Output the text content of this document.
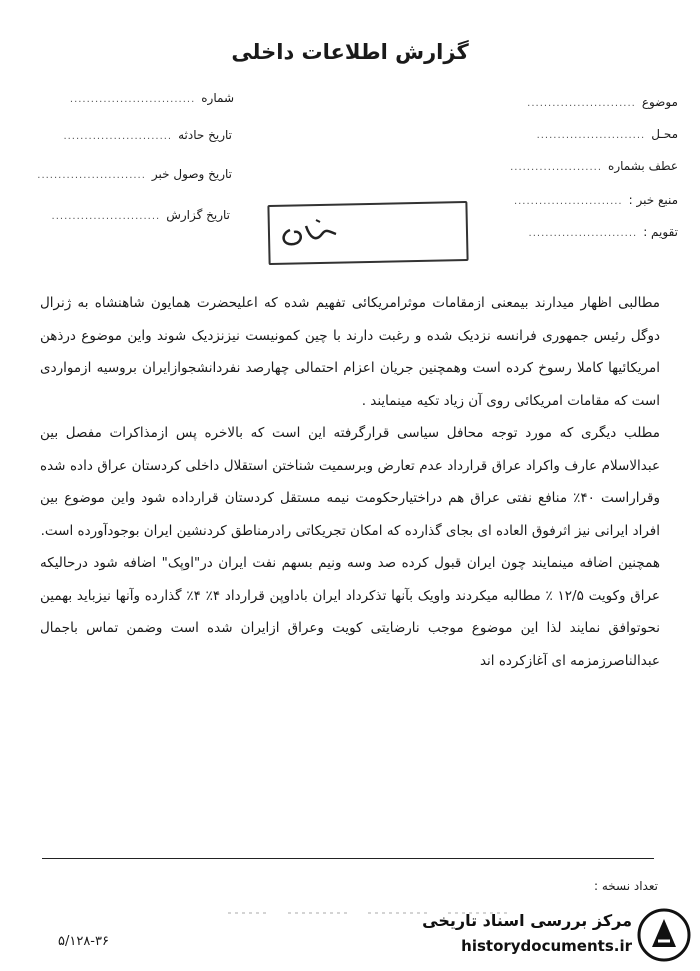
گزارش اطلاعات داخلی
موضوع
..........................
محـل
..........................
عطف بشماره
......................
منبع خبر :
..........................
تقویم :
..........................
شماره
..............................
تاریخ حادثه
..........................
تاریخ وصول خبر
..........................
تاریخ گزارش
..........................

مطالبی اظهار میدارند بیمعنی ازمقامات موثرامریکائی تفهیم شده که اعلیحضرت همایون شاهنشاه به ژنرال دوگل رئیس جمهوری فرانسه نزدیک شده و رغبت دارند با چین کمونیست نیزنزدیک شوند واین موضوع درذهن امریکائیها کاملا رسوخ کرده است وهمچنین جریان اعزام احتمالی چهارصد نفردانشجوازایران بروسیه ازمواردی است که مقامات امریکائی روی آن زیاد تکیه مینمایند .

مطلب دیگری که مورد توجه محافل سیاسی قرارگرفته این است که بالاخره پس ازمذاکرات مفصل بین عبدالاسلام عارف واکراد عراق قرارداد عدم تعارض وبرسمیت شناختن استقلال داخلی کردستان عراق داده شده وقراراست ۴۰٪ منافع نفتی عراق هم دراختیارحکومت نیمه مستقل کردستان قرارداده شود واین موضوع بین افراد ایرانی نیز اثرفوق العاده ای بجای گذارده که امکان تجریکاتی رادرمناطق کردنشین ایران بوجودآورده است.

همچنین اضافه مینمایند چون ایران قبول کرده صد وسه ونیم بسهم نفت ایران در"اوپک" اضافه شود درحالیکه عراق وکویت ۱۲/۵ ٪ مطالبه میکردند واویک بآنها تذکرداد ایران باداوپن قرارداد ۴٪ ۴٪ گذارده وآنها نیزباید بهمین نحوتوافق نمایند لذا این موضوع موجب نارضایتی کویت وعراق ازایران شده است وضمن تماس باجمال عبدالناصرزمزمه ای آغازکرده اند

تعداد نسخه :
۵/۱۲۸-۳۶
مرکز بررسی اسناد تاریخی
historydocuments.ir
